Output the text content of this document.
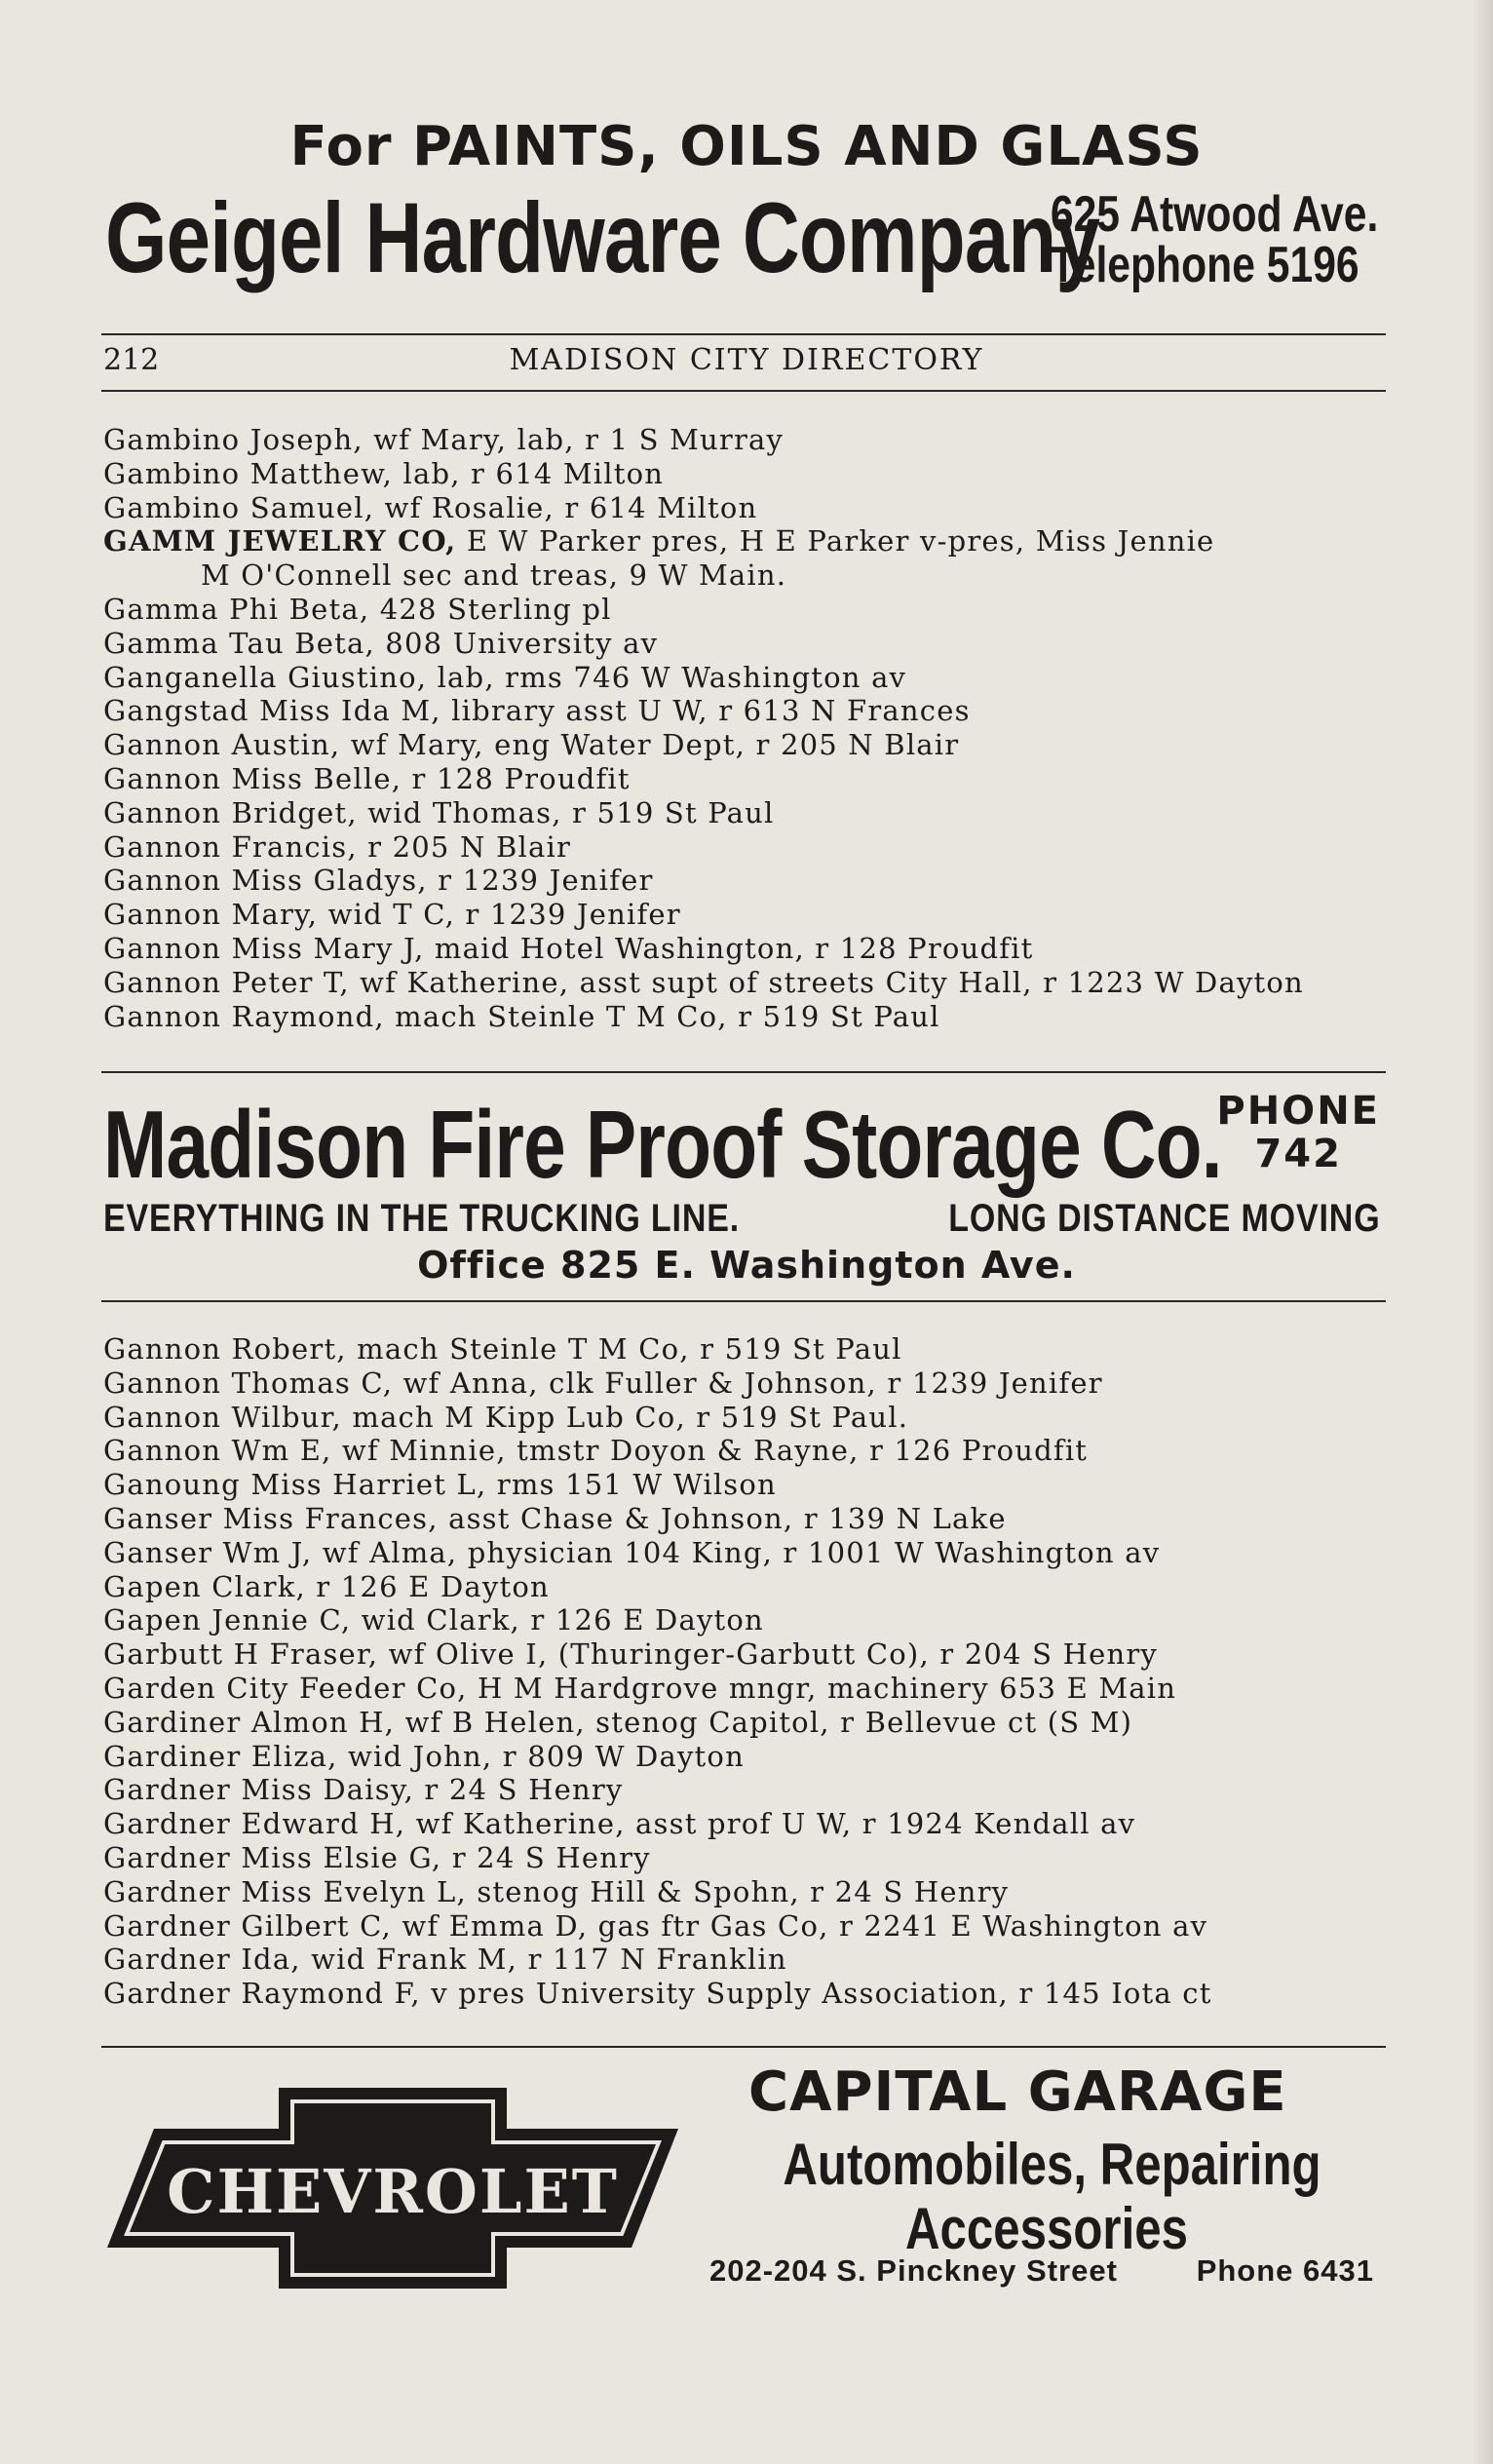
For PAINTS, OILS AND GLASS
Geigel Hardware Company
625 Atwood Ave.
Telephone 5196
212	MADISON CITY DIRECTORY
Gambino Joseph, wf Mary, lab, r 1 S Murray
Gambino Matthew, lab, r 614 Milton
Gambino Samuel, wf Rosalie, r 614 Milton
GAMM JEWELRY CO, E W Parker pres, H E Parker v-pres, Miss Jennie
M O'Connell sec and treas, 9 W Main.
Gamma Phi Beta, 428 Sterling pl
Gamma Tau Beta, 808 University av
Ganganella Giustino, lab, rms 746 W Washington av
Gangstad Miss Ida M, library asst U W, r 613 N Frances
Gannon Austin, wf Mary, eng Water Dept, r 205 N Blair
Gannon Miss Belle, r 128 Proudfit
Gannon Bridget, wid Thomas, r 519 St Paul
Gannon Francis, r 205 N Blair
Gannon Miss Gladys, r 1239 Jenifer
Gannon Mary, wid T C, r 1239 Jenifer
Gannon Miss Mary J, maid Hotel Washington, r 128 Proudfit
Gannon Peter T, wf Katherine, asst supt of streets City Hall, r 1223 W Dayton
Gannon Raymond, mach Steinle T M Co, r 519 St Paul
Madison Fire Proof Storage Co.
PHONE
742
EVERYTHING IN THE TRUCKING LINE.	LONG DISTANCE MOVING
Office 825 E. Washington Ave.
Gannon Robert, mach Steinle T M Co, r 519 St Paul
Gannon Thomas C, wf Anna, clk Fuller & Johnson, r 1239 Jenifer
Gannon Wilbur, mach M Kipp Lub Co, r 519 St Paul.
Gannon Wm E, wf Minnie, tmstr Doyon & Rayne, r 126 Proudfit
Ganoung Miss Harriet L, rms 151 W Wilson
Ganser Miss Frances, asst Chase & Johnson, r 139 N Lake
Ganser Wm J, wf Alma, physician 104 King, r 1001 W Washington av
Gapen Clark, r 126 E Dayton
Gapen Jennie C, wid Clark, r 126 E Dayton
Garbutt H Fraser, wf Olive I, (Thuringer-Garbutt Co), r 204 S Henry
Garden City Feeder Co, H M Hardgrove mngr, machinery 653 E Main
Gardiner Almon H, wf B Helen, stenog Capitol, r Bellevue ct (S M)
Gardiner Eliza, wid John, r 809 W Dayton
Gardner Miss Daisy, r 24 S Henry
Gardner Edward H, wf Katherine, asst prof U W, r 1924 Kendall av
Gardner Miss Elsie G, r 24 S Henry
Gardner Miss Evelyn L, stenog Hill & Spohn, r 24 S Henry
Gardner Gilbert C, wf Emma D, gas ftr Gas Co, r 2241 E Washington av
Gardner Ida, wid Frank M, r 117 N Franklin
Gardner Raymond F, v pres University Supply Association, r 145 Iota ct
CHEVROLET
CAPITAL GARAGE
Automobiles, Repairing
Accessories
202-204 S. Pinckney Street	Phone 6431
